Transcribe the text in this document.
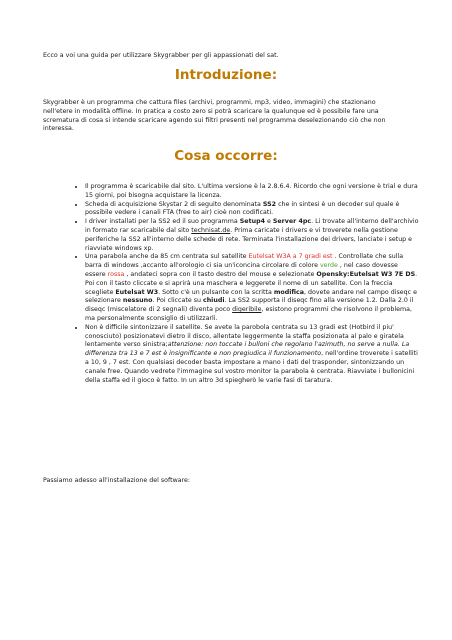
Ecco a voi una guida per utilizzare Skygrabber per gli appassionati del sat.
Introduzione:
Skygrabber è un programma che cattura files (archivi, programmi, mp3, video, immagini) che stazionano nell'etere in modalità offline. In pratica a costo zero si potrà scaricare la qualunque ed è possibile fare una scrematura di cosa si intende scaricare agendo sui filtri presenti nel programma deselezionando ciò che non interessa.
Cosa occorre:
• Il programma è scaricabile dal sito. L'ultima versione è la 2.8.6.4. Ricordo che ogni versione è trial e dura 15 giorni, poi bisogna acquistare la licenza.
• Scheda di acquisizione Skystar 2 di seguito denominata SS2 che in sintesi è un decoder sul quale è possibile vedere i canali FTA (free to air) cioè non codificati.
• I driver installati per la SS2 ed il suo programma Setup4 e Server 4pc. Li trovate all'interno dell'archivio in formato rar scaricabile dal sito technisat.de. Prima caricate i drivers e vi troverete nella gestione periferiche la SS2 all'interno delle schede di rete. Terminata l'installazione dei drivers, lanciate i setup e riavviate windows xp.
• Una parabola anche da 85 cm centrata sul satellite Eutelsat W3A a 7 gradi est . Controllate che sulla barra di windows ,accanto all'orologio ci sia un'iconcina circolare di colore verde , nel caso dovesse essere rossa , andateci sopra con il tasto destro del mouse e selezionate Opensky:Eutelsat W3 7E DS. Poi con il tasto cliccate e si aprirà una maschera e leggerete il nome di un satellite. Con la freccia scegliete Eutelsat W3. Sotto c'è un pulsante con la scritta modifica, dovete andare nel campo diseqc e selezionare nessuno. Poi cliccate su chiudi. La SS2 supporta il diseqc fino alla versione 1.2. Dalla 2.0 il diseqc (miscelatore di 2 segnali) diventa poco digeribile, esistono programmi che risolvono il problema, ma personalmente sconsiglio di utilizzarli.
• Non è difficile sintonizzare il satellite. Se avete la parobola centrata su 13 gradi est (Hotbird il piu' conosciuto) posizionatevi dietro il disco, allentate leggermente la staffa posizionata al palo e giratela lentamente verso sinistra;attenzione: non toccate i bulloni che regolano l'azimuth, no serve a nulla. La differenza tra 13 e 7 est è insignificante e non pregiudica il funzionamento, nell'ordine troverete i satelliti a 10, 9 , 7 est. Con qualsiasi decoder basta impostare a mano i dati del trasponder, sintonizzando un canale free. Quando vedrete l'immagine sul vostro monitor la parabola è centrata. Riavviate i bullonicini della staffa ed il gioco è fatto. In un altro 3d spiegherò le varie fasi di taratura.
Passiamo adesso all'installazione del software:
